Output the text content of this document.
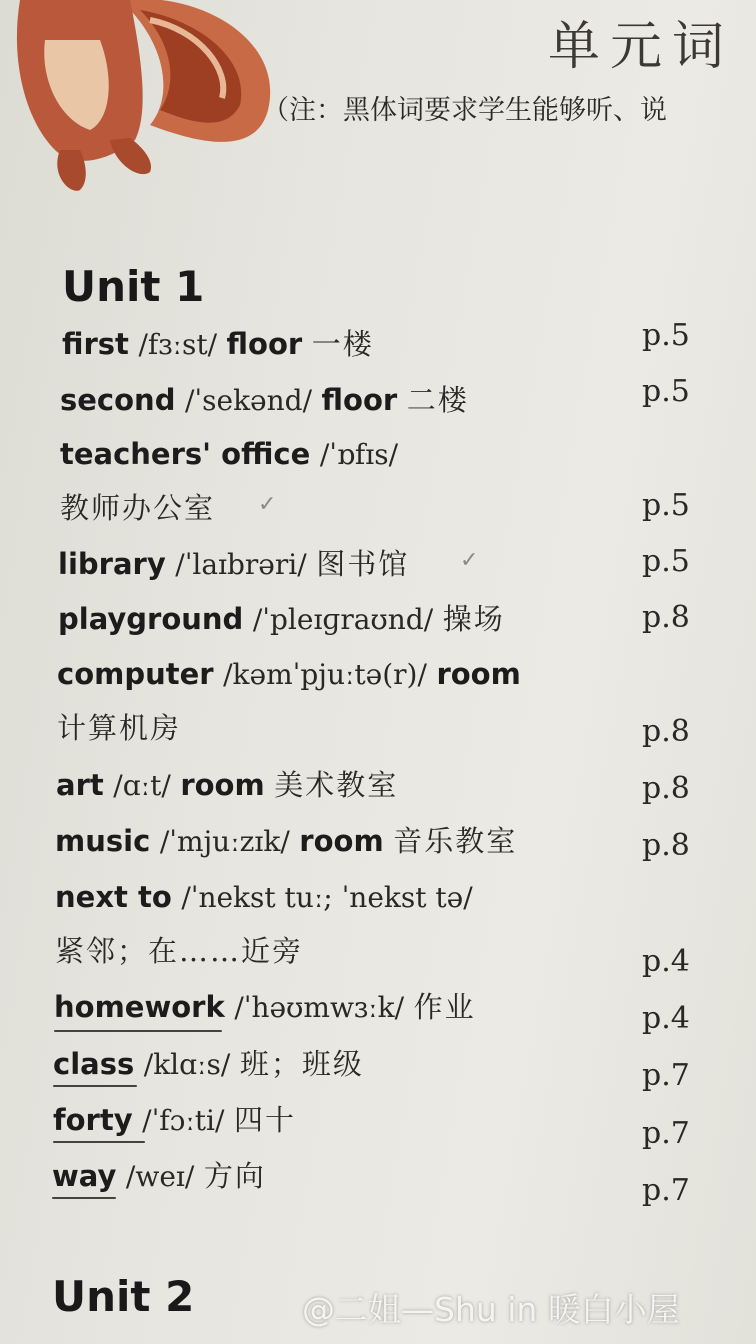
单元词
（注：黑体词要求学生能够听、说
Unit 1
first /fɜːst/ floor 一楼	p.5
second /ˈsekənd/ floor 二楼	p.5
teachers' office /ˈɒfɪs/
教师办公室 ✓	p.5
library /ˈlaɪbrəri/ 图书馆 ✓	p.5
playground /ˈpleɪɡraʊnd/ 操场	p.8
computer /kəmˈpjuːtə(r)/ room
计算机房	p.8
art /ɑːt/ room 美术教室	p.8
music /ˈmjuːzɪk/ room 音乐教室	p.8
next to /ˈnekst tuː; ˈnekst tə/
紧邻；在……近旁	p.4
homework /ˈhəʊmwɜːk/ 作业	p.4
class /klɑːs/ 班；班级	p.7
forty /ˈfɔːti/ 四十	p.7
way /weɪ/ 方向	p.7
Unit 2	@二姐—Shu in 暖白小屋
